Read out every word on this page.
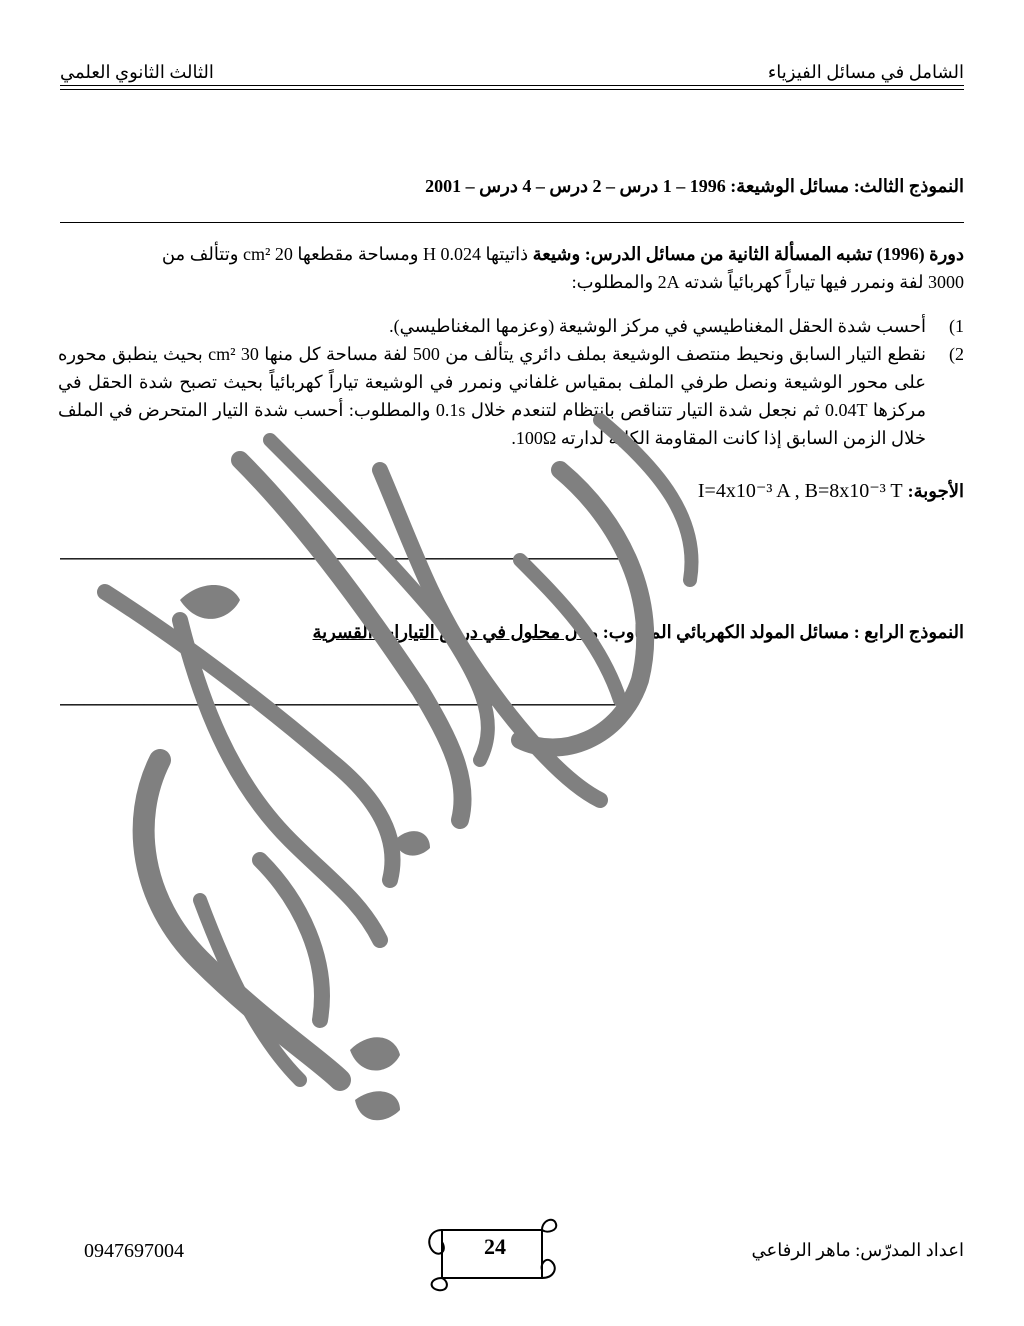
الشامل في مسائل الفيزياء
الثالث الثانوي العلمي
النموذج الثالث: مسائل الوشيعة: 1996 – 1 درس – 2 درس – 4 درس – 2001
دورة (1996) تشبه المسألة الثانية من مسائل الدرس: وشيعة ذاتيتها 0.024 H ومساحة مقطعها 20 cm² وتتألف من
3000 لفة ونمرر فيها تياراً كهربائياً شدته 2A والمطلوب:
1)
أحسب شدة الحقل المغناطيسي في مركز الوشيعة (وعزمها المغناطيسي).
2)
نقطع التيار السابق ونحيط منتصف الوشيعة بملف دائري يتألف من 500 لفة مساحة كل منها 30 cm² بحيث ينطبق محوره على محور الوشيعة ونصل طرفي الملف بمقياس غلفاني ونمرر في الوشيعة تياراً كهربائياً بحيث تصبح شدة الحقل في مركزها 0.04T ثم نجعل شدة التيار تتناقص بانتظام لتنعدم خلال 0.1s والمطلوب: أحسب شدة التيار المتحرض في الملف خلال الزمن السابق إذا كانت المقاومة الكلية لدارته 100Ω.
الأجوبة: I=4x10⁻³ A , B=8x10⁻³ T
————————————————————————————————————————————————
النموذج الرابع : مسائل المولد الكهربائي المتناوب: مثال محلول في درس التيارات القسرية
————————————————————————————————————————————————
اعداد المدرّس: ماهر الرفاعي
0947697004	24
